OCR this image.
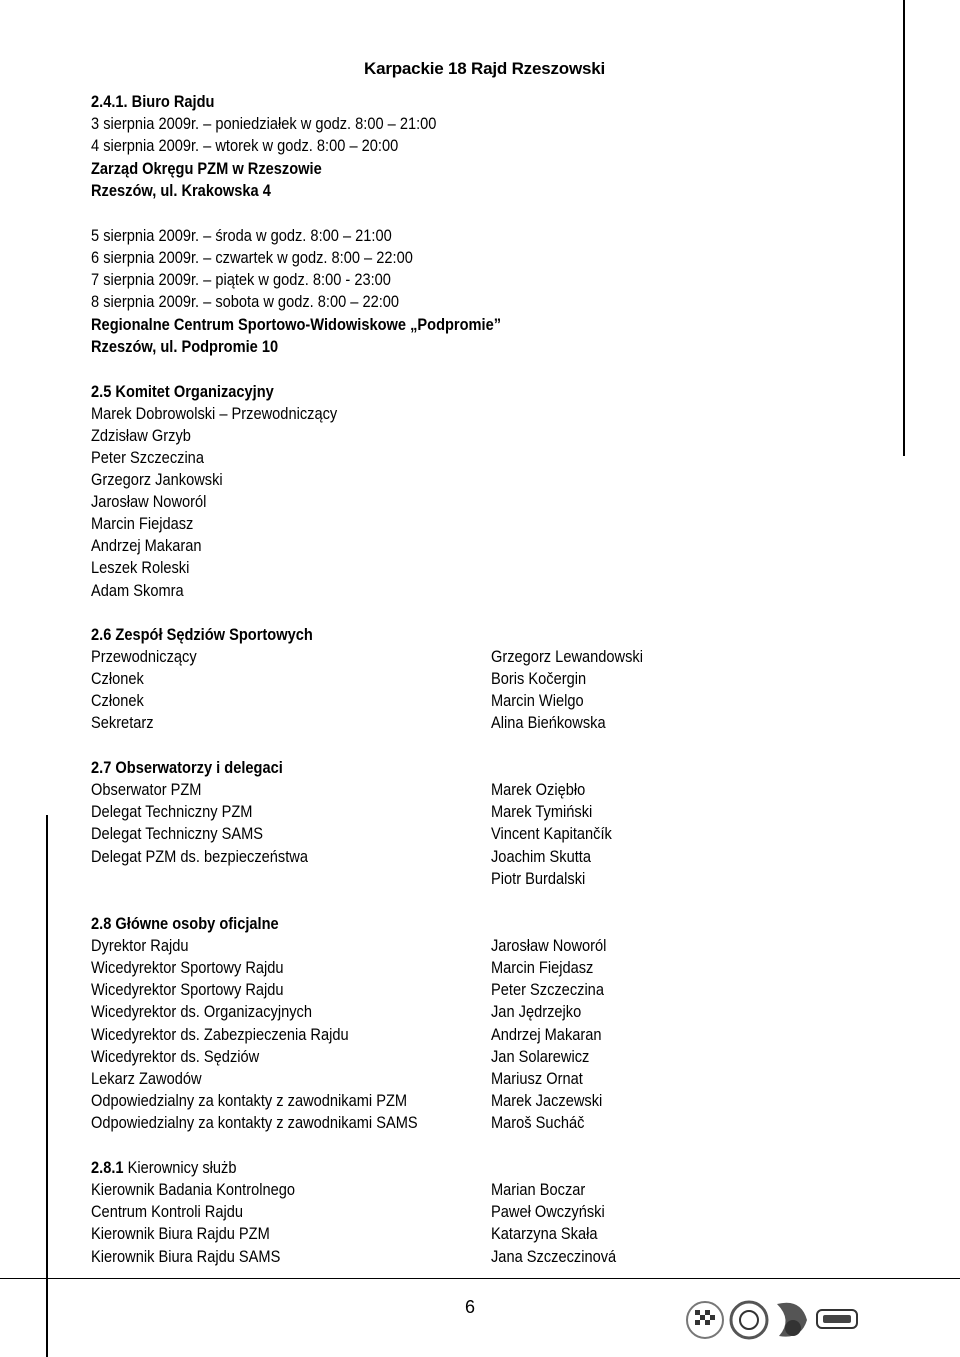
Karpackie 18 Rajd Rzeszowski
2.4.1. Biuro Rajdu
3 sierpnia 2009r. – poniedziałek w godz. 8:00 – 21:00
4 sierpnia 2009r. – wtorek w godz. 8:00 – 20:00
Zarząd Okręgu PZM w Rzeszowie
Rzeszów, ul. Krakowska 4
5 sierpnia 2009r. – środa w godz. 8:00 – 21:00
6 sierpnia 2009r. – czwartek w godz. 8:00 – 22:00
7 sierpnia 2009r. – piątek w godz. 8:00 - 23:00
8 sierpnia 2009r. – sobota w godz. 8:00 – 22:00
Regionalne Centrum Sportowo-Widowiskowe „Podpromie”
Rzeszów, ul. Podpromie 10
2.5 Komitet Organizacyjny
Marek Dobrowolski – Przewodniczący
Zdzisław Grzyb
Peter Szczeczina
Grzegorz Jankowski
Jarosław Noworól
Marcin Fiejdasz
Andrzej Makaran
Leszek Roleski
Adam Skomra
2.6 Zespół Sędziów Sportowych
Przewodniczący
Członek
Członek
Sekretarz
Grzegorz Lewandowski
Boris Kočergin
Marcin Wielgo
Alina Bieńkowska
2.7 Obserwatorzy i delegaci
Obserwator PZM
Delegat Techniczny PZM
Delegat Techniczny SAMS
Delegat PZM ds. bezpieczeństwa
Marek Oziębło
Marek Tymiński
Vincent Kapitančík
Joachim Skutta
Piotr Burdalski
2.8 Główne osoby oficjalne
Dyrektor Rajdu
Wicedyrektor Sportowy Rajdu
Wicedyrektor Sportowy Rajdu
Wicedyrektor ds. Organizacyjnych
Wicedyrektor ds. Zabezpieczenia Rajdu
Wicedyrektor ds. Sędziów
Lekarz Zawodów
Odpowiedzialny za kontakty z zawodnikami PZM
Odpowiedzialny za kontakty z zawodnikami SAMS
Jarosław Noworól
Marcin Fiejdasz
Peter Szczeczina
Jan Jędrzejko
Andrzej Makaran
Jan Solarewicz
Mariusz Ornat
Marek Jaczewski
Maroš Sucháč
2.8.1 Kierownicy służb
Kierownik Badania Kontrolnego
Centrum Kontroli Rajdu
Kierownik Biura Rajdu PZM
Kierownik Biura Rajdu SAMS
Marian Boczar
Paweł Owczyński
Katarzyna Skała
Jana Szczeczinová
6
